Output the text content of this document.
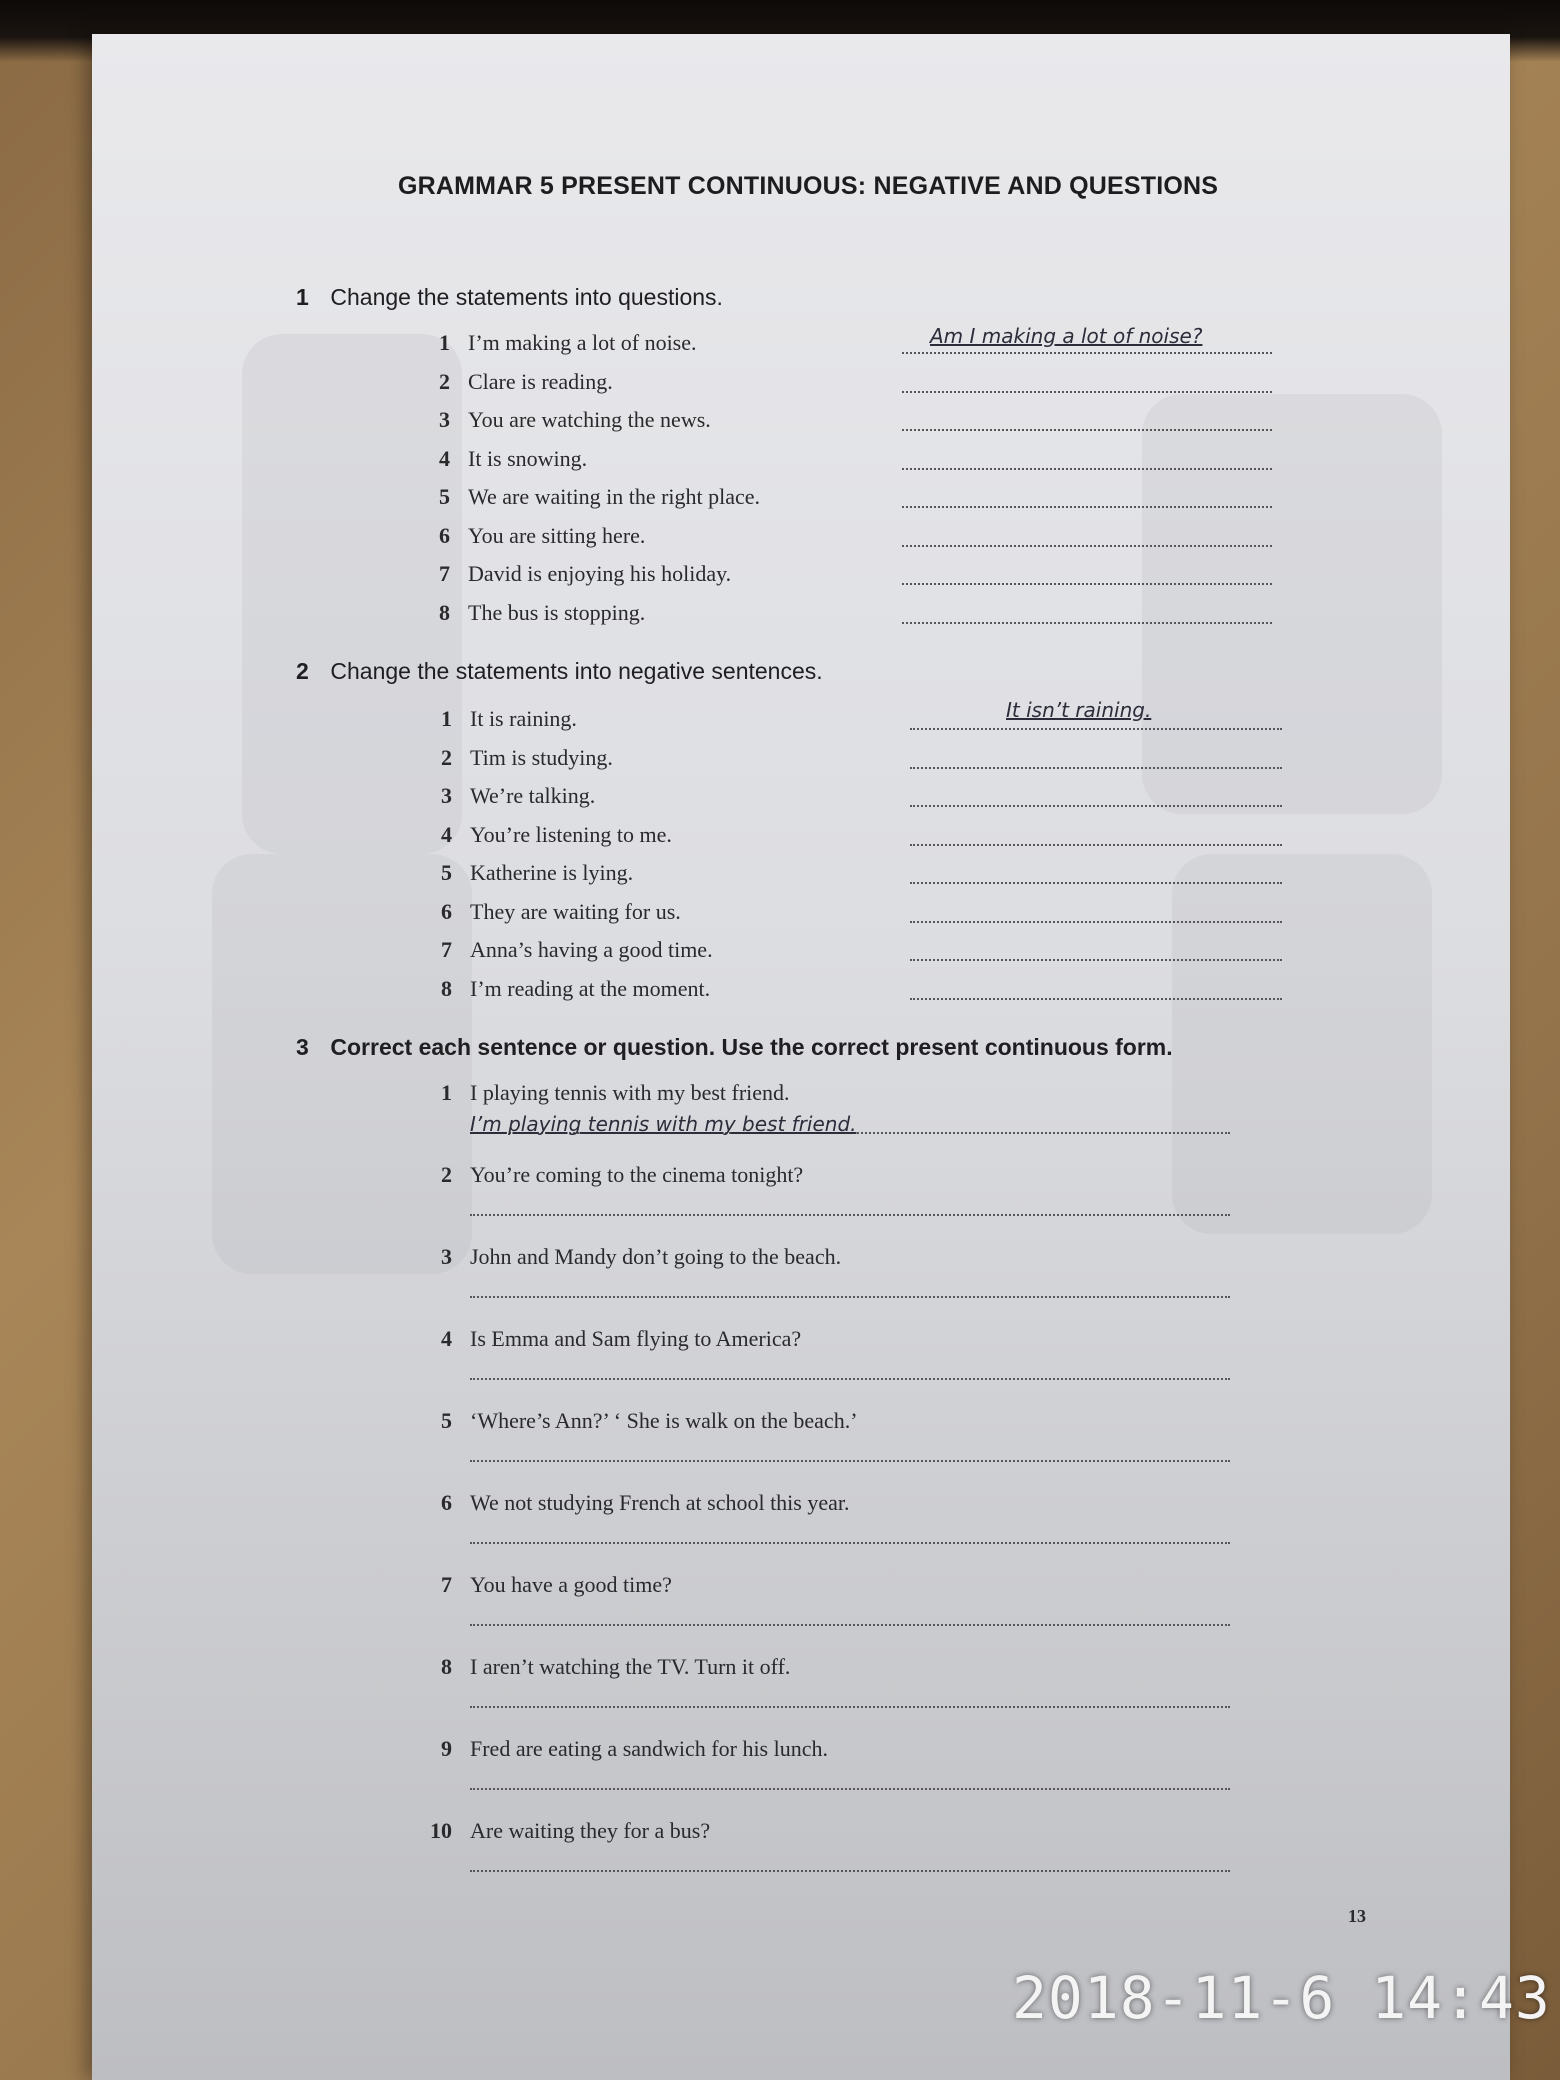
GRAMMAR 5 PRESENT CONTINUOUS: NEGATIVE AND QUESTIONS
1 Change the statements into questions.
1 I’m making a lot of noise.	Am I making a lot of noise?
2 Clare is reading.
3 You are watching the news.
4 It is snowing.
5 We are waiting in the right place.
6 You are sitting here.
7 David is enjoying his holiday.
8 The bus is stopping.
2 Change the statements into negative sentences.
1 It is raining.	It isn’t raining.
2 Tim is studying.
3 We’re talking.
4 You’re listening to me.
5 Katherine is lying.
6 They are waiting for us.
7 Anna’s having a good time.
8 I’m reading at the moment.
3 Correct each sentence or question. Use the correct present continuous form.
1 I playing tennis with my best friend.
I’m playing tennis with my best friend.
2 You’re coming to the cinema tonight?
3 John and Mandy don’t going to the beach.
4 Is Emma and Sam flying to America?
5 ‘Where’s Ann?’ ‘ She is walk on the beach.’
6 We not studying French at school this year.
7 You have a good time?
8 I aren’t watching the TV. Turn it off.
9 Fred are eating a sandwich for his lunch.
10 Are waiting they for a bus?
13
2018-11-6 14:43
